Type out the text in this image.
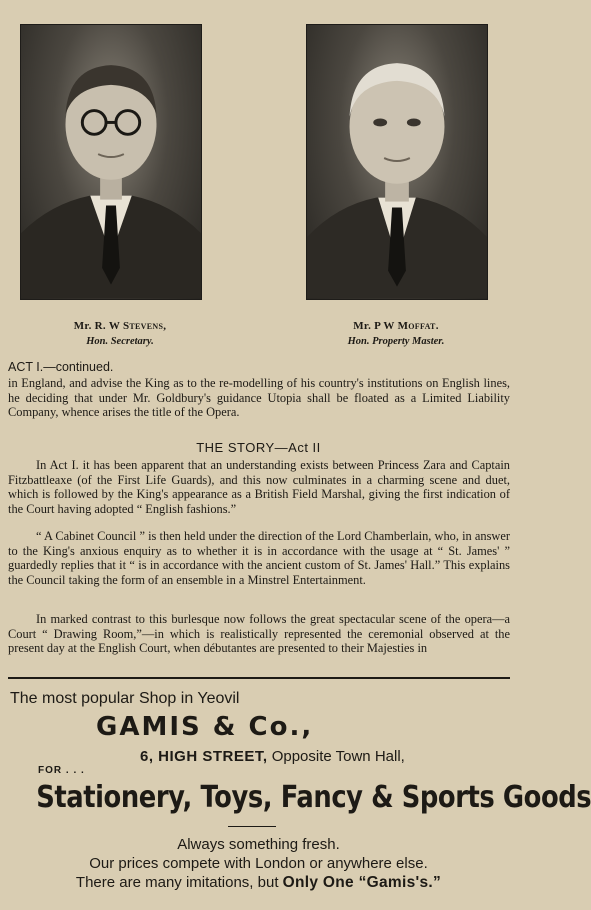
Mr. R. W Stevens,
Hon. Secretary.
Mr. P W Moffat.
Hon. Property Master.
ACT I.—continued.
in England, and advise the King as to the re-modelling of his country's institutions on English lines, he deciding that under Mr. Goldbury's guidance Utopia shall be floated as a Limited Liability Company, whence arises the title of the Opera.
THE STORY—Act II
In Act I. it has been apparent that an understanding exists between Princess Zara and Captain Fitzbattleaxe (of the First Life Guards), and this now culminates in a charming scene and duet, which is followed by the King's appearance as a British Field Marshal, giving the first indication of the Court having adopted “ English fashions.”
“ A Cabinet Council ” is then held under the direction of the Lord Chamberlain, who, in answer to the King's anxious enquiry as to whether it is in accordance with the usage at “ St. James' ” guardedly replies that it “ is in accordance with the ancient custom of St. James' Hall.” This explains the Council taking the form of an ensemble in a Minstrel Entertainment.
In marked contrast to this burlesque now follows the great spectacular scene of the opera—a Court “ Drawing Room,”—in which is realistically represented the ceremonial observed at the present day at the English Court, when débutantes are presented to their Majesties in
The most popular Shop in Yeovil
GAMIS & Co.,
6, HIGH STREET, Opposite Town Hall,
FOR . . .
Stationery, Toys, Fancy & Sports Goods
Always something fresh.
Our prices compete with London or anywhere else.
There are many imitations, but Only One “Gamis's.”
